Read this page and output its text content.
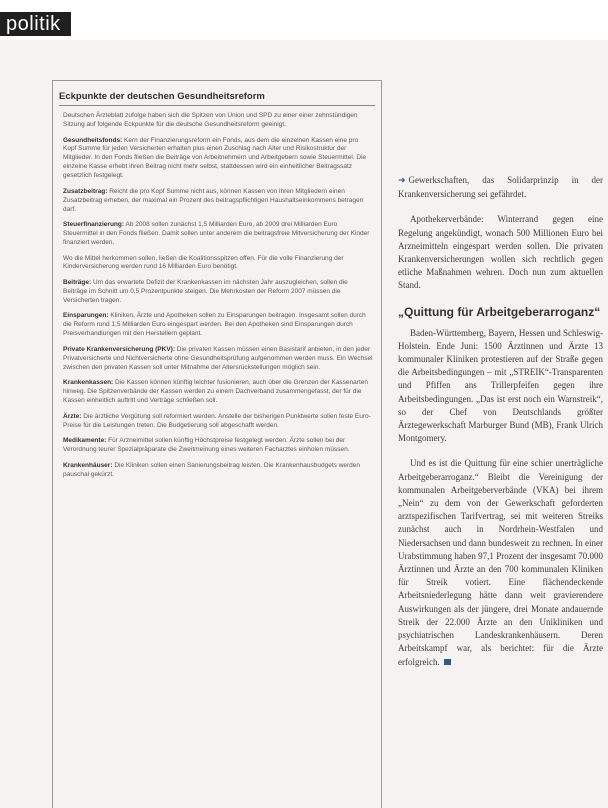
politik
Eckpunkte der deutschen Gesundheitsreform

Deutschen Ärzteblatt zufolge haben sich die Spitzen von Union und SPD zu einer einer zehnstündigen Sitzung auf folgende Eckpunkte für die deutsche Gesundheitsreform geeinigt.

Gesundheitsfonds: Kern der Finanzierungsreform ein Fonds, aus dem die einzelnen Kassen eine pro Kopf Summe für jeden Versicherten erhalten plus einen Zuschlag nach Alter und Risikostruktur der Mitglieder. In den Fonds fließen die Beiträge von Arbeitnehmern und Arbeitgebern sowie Steuermittel. Die einzelne Kasse erhebt ihren Beitrag nicht mehr selbst, stattdessen wird ein einheitlicher Beitragssatz gesetzlich festgelegt.

Zusatzbeitrag: Reicht die pro Kopf Summe nicht aus, können Kassen von ihren Mitgliedern einen Zusatzbeitrag erheben, der maximal ein Prozent des beitragspflichtigen Haushaltseinkommens betragen darf.

Steuerfinanzierung: Ab 2008 sollen zunächst 1,5 Milliarden Euro, ab 2009 drei Milliarden Euro Steuermittel in den Fonds fließen. Damit sollen unter anderem die beitragsfreie Mitversicherung der Kinder finanziert werden.

Wo die Mittel herkommen sollen, ließen die Koalitionsspitzen offen. Für die volle Finanzierung der Kinderversicherung werden rund 16 Milliarden Euro benötigt.

Beiträge: Um das erwartete Defizit der Krankenkassen im nächsten Jahr auszugleichen, sollen die Beiträge im Schnitt um 0,5 Prozentpunkte steigen. Die Mehrkosten der Reform 2007 müssen die Versicherten tragen.

Einsparungen: Kliniken, Ärzte und Apotheken sollen zu Einsparungen beitragen. Insgesamt sollen durch die Reform rund 1,5 Milliarden Euro eingespart werden. Bei den Apotheken sind Einsparungen durch Preisverhandlungen mit den Herstellern geplant.

Private Krankenversicherung (PKV): Die privaten Kassen müssen einen Basistarif anbieten, in den jeder Privatversicherte und Nichtversicherte ohne Gesundheitsprüfung aufgenommen werden muss. Ein Wechsel zwischen den privaten Kassen soll unter Mitnahme der Altersrückstellungen möglich sein.

Krankenkassen: Die Kassen können künftig leichter fusionieren, auch über die Grenzen der Kassenarten hinweg. Die Spitzenverbände der Kassen werden zu einem Dachverband zusammengefasst, der für die Kassen einheitlich auftritt und Verträge schließen soll.

Ärzte: Die ärztliche Vergütung soll reformiert werden. Anstelle der bisherigen Punktwerte sollen feste Euro-Preise für die Leistungen treten. Die Budgetierung soll abgeschafft werden.

Medikamente: Für Arzneimittel sollen künftig Höchstpreise festgelegt werden. Ärzte sollen bei der Verordnung teurer Spezialpräparate die Zweitmeinung eines weiteren Facharztes einholen müssen.

Krankenhäuser: Die Kliniken sollen einen Sanierungsbeitrag leisten. Die Krankenhausbudgets werden pauschal gekürzt.

➜ Gewerkschaften, das Solidarprinzip in der Krankenversicherung sei gefährdet.

Apothekerverbände: Winterrand gegen eine Regelung angekündigt, wonach 500 Millionen Euro bei Arzneimitteln eingespart werden sollen. Die privaten Krankenversicherungen wollen sich rechtlich gegen etliche Maßnahmen wehren. Doch nun zum aktuellen Stand.

„Quittung für Arbeitgeberarroganz“

Baden-Württemberg, Bayern, Hessen und Schleswig-Holstein. Ende Juni: 1500 Ärztinnen und Ärzte 13 kommunaler Kliniken protestieren auf der Straße gegen die Arbeitsbedingungen – mit „STREIK“-Transparenten und Pfiffen ans Trillerpfeifen gegen ihre Arbeitsbedingungen. „Das ist erst noch ein Warnstreik“, so der Chef von Deutschlands größter Ärztegewerkschaft Marburger Bund (MB), Frank Ulrich Montgomery.

Und es ist die Quittung für eine schier unerträgliche Arbeitgeberarroganz.“ Bleibt die Vereinigung der kommunalen Arbeitgeberverbände (VKA) bei ihrem „Nein“ zu dem von der Gewerkschaft geforderten arztspezifischen Tarifvertrag, sei mit weiteren Streiks zunächst auch in Nordrhein-Westfalen und Niedersachsen und dann bundesweit zu rechnen. In einer Urabstimmung haben 97,1 Prozent der insgesamt 70.000 Ärztinnen und Ärzte an den 700 kommunalen Kliniken für Streik votiert. Eine flächendeckende Arbeitsniederlegung hätte dann weit gravierendere Auswirkungen als der jüngere, drei Monate andauernde Streik der 22.000 Ärzte an den Unikliniken und psychiatrischen Landeskrankenhäusern. Deren Arbeitskampf war, als berichtet: für die Ärzte erfolgreich.
